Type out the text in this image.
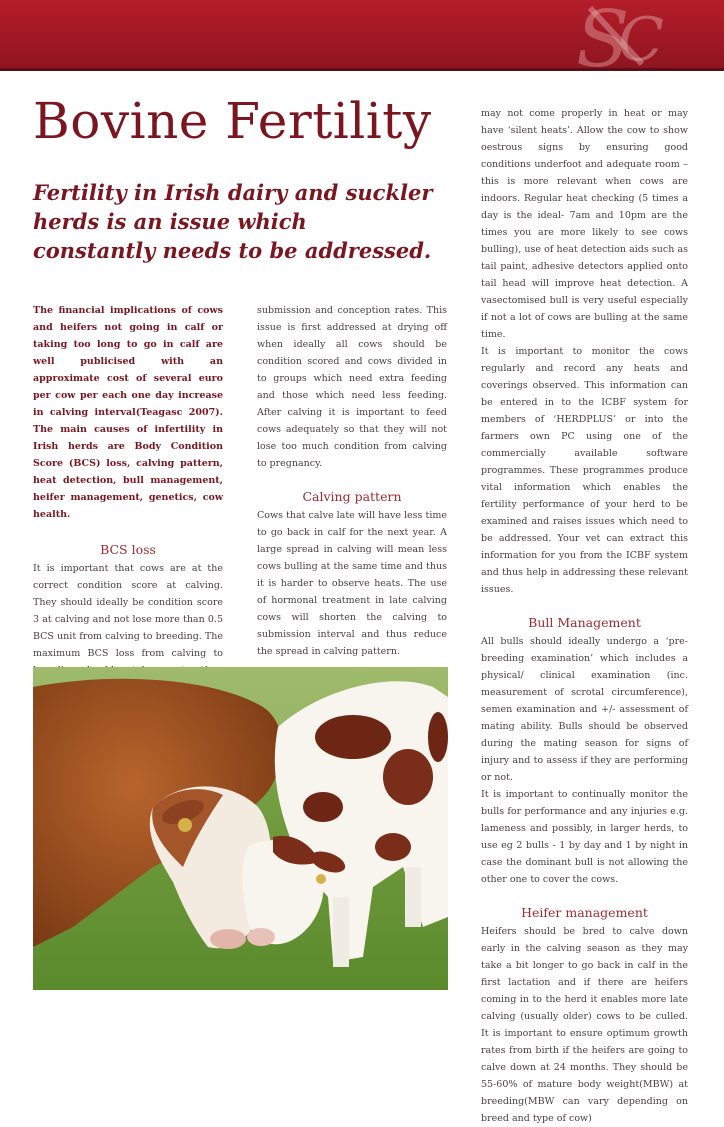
S
C
Bovine Fertility
Fertility in Irish dairy and suckler herds is an issue which constantly needs to be addressed.

The financial implications of cows and heifers not going in calf or taking too long to go in calf are well publicised with an approximate cost of several euro per cow per each one day increase in calving interval(Teagasc 2007). The main causes of infertility in Irish herds are Body Condition Score (BCS) loss, calving pattern, heat detection, bull management, heifer management, genetics, cow health.

BCS loss

It is important that cows are at the correct condition score at calving. They should ideally be condition score 3 at calving and not lose more than 0.5 BCS unit from calving to breeding. The maximum BCS loss from calving to

submission and conception rates. This issue is first addressed at drying off when ideally all cows should be condition scored and cows divided in to groups which need extra feeding and those which need less feeding. After calving it is important to feed cows adequately so that they will not lose too much condition from calving to pregnancy.

Calving pattern

Cows that calve late will have less time to go back in calf for the next year. A large spread in calving will mean less cows bulling at the same time and thus it is harder to observe heats. The use of hormonal treatment in late calving cows will shorten the calving to submission interval and thus reduce the spread in calving pattern.

may not come properly in heat or may have ‘silent heats’. Allow the cow to show oestrous signs by ensuring good conditions underfoot and adequate room – this is more relevant when cows are indoors. Regular heat checking (5 times a day is the ideal- 7am and 10pm are the times you are more likely to see cows bulling), use of heat detection aids such as tail paint, adhesive detectors applied onto tail head will improve heat detection. A vasectomised bull is very useful especially if not a lot of cows are bulling at the same time.

It is important to monitor the cows regularly and record any heats and coverings observed. This information can be entered in to the ICBF system for members of ‘HERDPLUS’ or into the farmers own PC using one of the commercially available software programmes. These programmes produce vital information which enables the fertility performance of your herd to be examined and raises issues which need to be addressed. Your vet can extract this information for you from the ICBF system and thus help in addressing these relevant issues.

Bull Management

All bulls should ideally undergo a ‘pre-breeding examination’ which includes a physical/ clinical examination (inc. measurement of scrotal circumference), semen examination and +/- assessment of mating ability. Bulls should be observed during the mating season for signs of injury and to assess if they are performing or not.

It is important to continually monitor the bulls for performance and any injuries e.g. lameness and possibly, in larger herds, to use eg 2 bulls - 1 by day and 1 by night in case the dominant bull is not allowing the other one to cover the cows.

Heifer management

Heifers should be bred to calve down early in the calving season as they may take a bit longer to go back in calf in the first lactation and if there are heifers coming in to the herd it enables more late calving (usually older) cows to be culled. It is important to ensure optimum growth rates from birth if the heifers are going to calve down at 24 months. They should be 55-60% of mature body weight(MBW) at breeding(MBW can vary depending on breed and type of cow)
